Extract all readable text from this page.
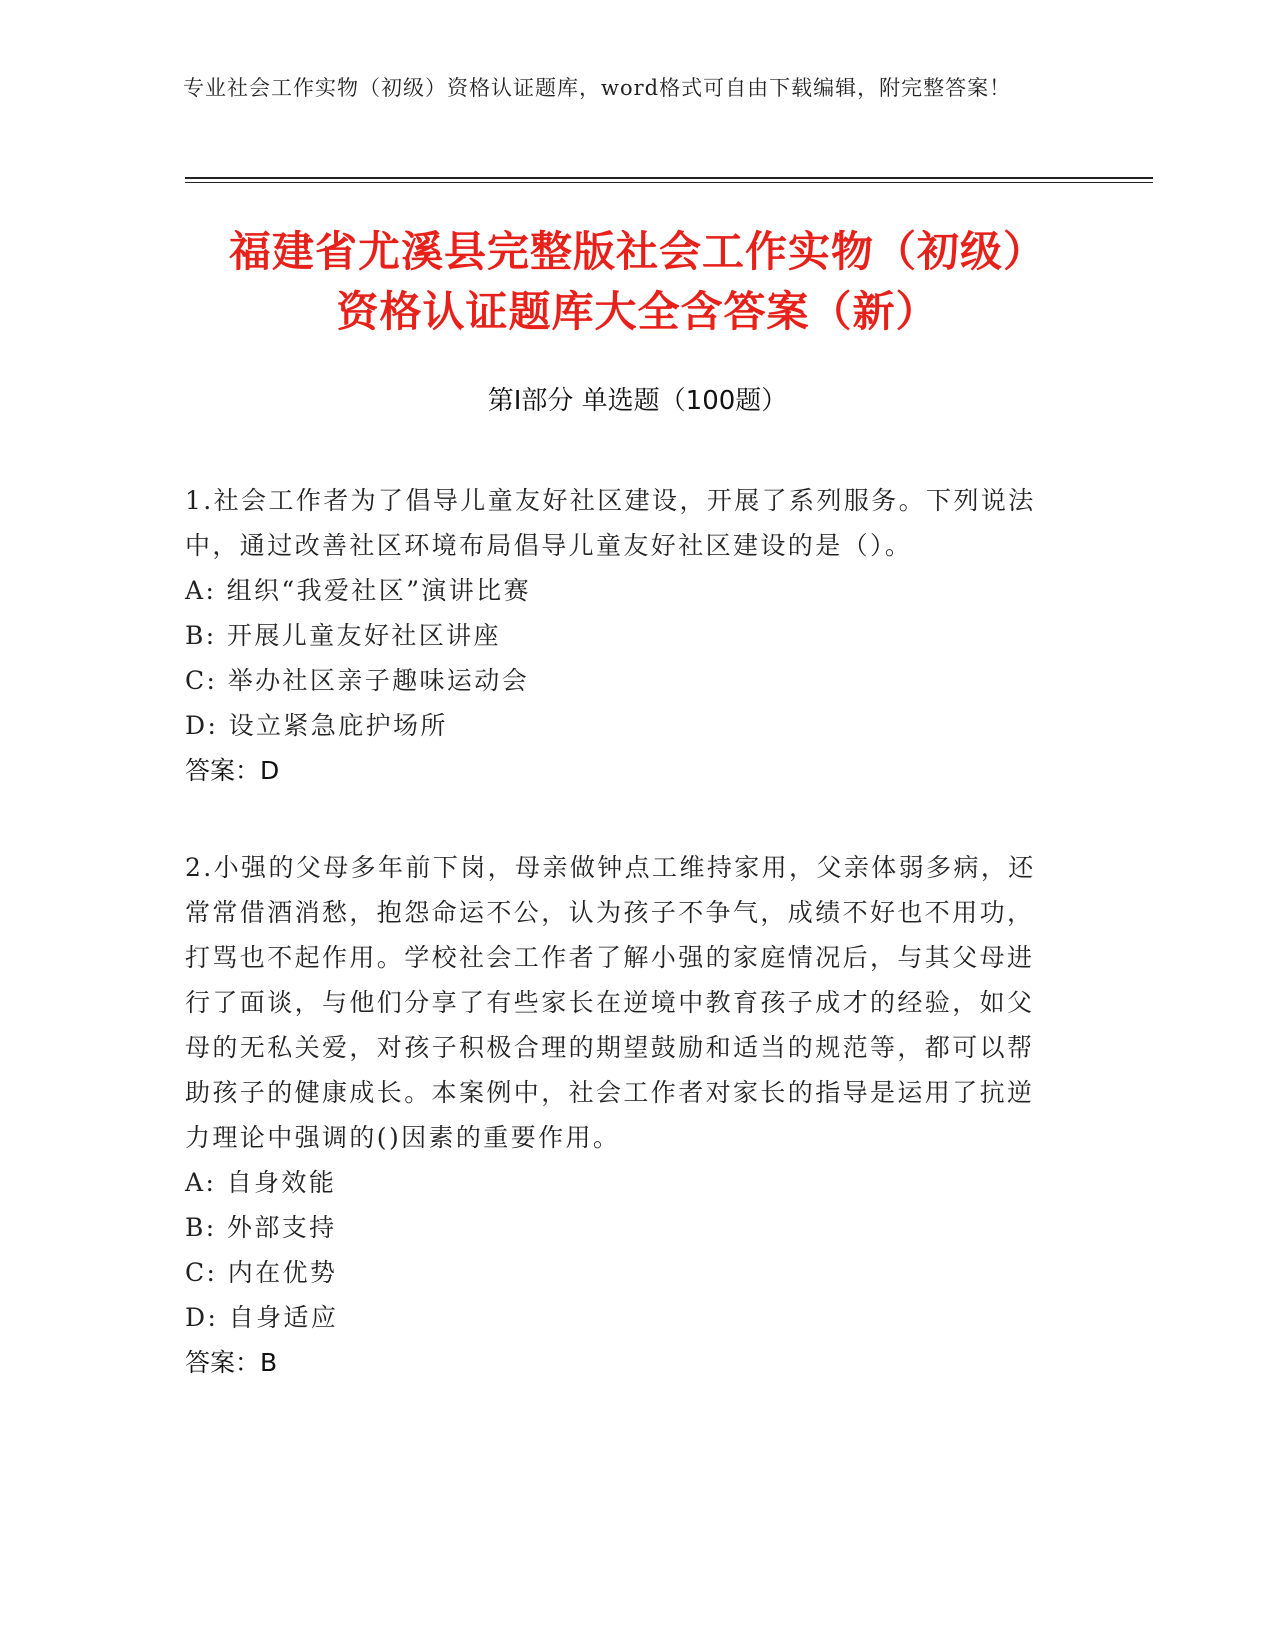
专业社会工作实物（初级）资格认证题库，word格式可自由下载编辑，附完整答案！
福建省尤溪县完整版社会工作实物（初级）
资格认证题库大全含答案（新）
第Ⅰ部分 单选题（100题）
1.社会工作者为了倡导儿童友好社区建设，开展了系列服务。下列说法中，通过改善社区环境布局倡导儿童友好社区建设的是（）。
A: 组织“我爱社区”演讲比赛
B: 开展儿童友好社区讲座
C: 举办社区亲子趣味运动会
D: 设立紧急庇护场所
答案：D
2.小强的父母多年前下岗，母亲做钟点工维持家用，父亲体弱多病，还常常借酒消愁，抱怨命运不公，认为孩子不争气，成绩不好也不用功，打骂也不起作用。学校社会工作者了解小强的家庭情况后，与其父母进行了面谈，与他们分享了有些家长在逆境中教育孩子成才的经验，如父母的无私关爱，对孩子积极合理的期望鼓励和适当的规范等，都可以帮助孩子的健康成长。本案例中，社会工作者对家长的指导是运用了抗逆力理论中强调的()因素的重要作用。
A: 自身效能
B: 外部支持
C: 内在优势
D: 自身适应
答案：B
